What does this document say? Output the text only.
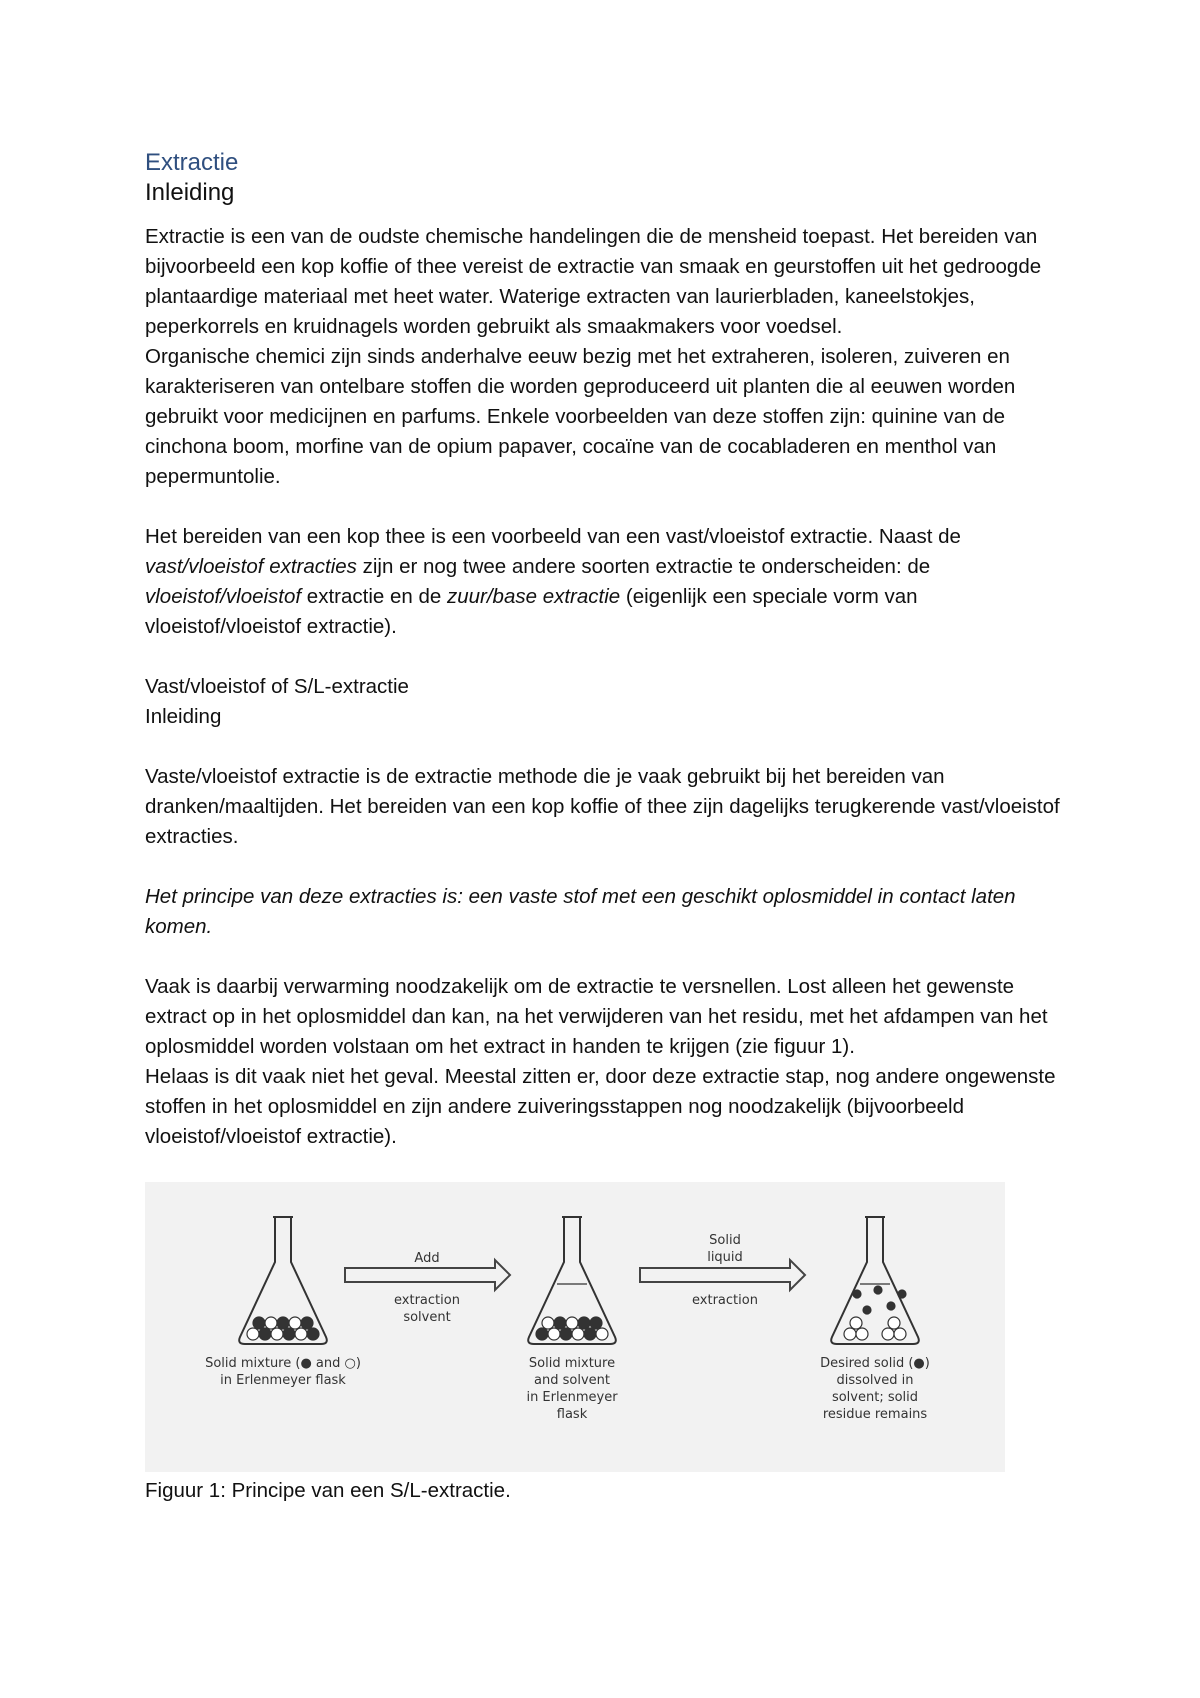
Extractie
Inleiding

Extractie is een van de oudste chemische handelingen die de mensheid toepast. Het bereiden van bijvoorbeeld een kop koffie of thee vereist de extractie van smaak en geurstoffen uit het gedroogde plantaardige materiaal met heet water. Waterige extracten van laurierbladen, kaneelstokjes, peperkorrels en kruidnagels worden gebruikt als smaakmakers voor voedsel.

Organische chemici zijn sinds anderhalve eeuw bezig met het extraheren, isoleren, zuiveren en karakteriseren van ontelbare stoffen die worden geproduceerd uit planten die al eeuwen worden gebruikt voor medicijnen en parfums. Enkele voorbeelden van deze stoffen zijn: quinine van de cinchona boom, morfine van de opium papaver, cocaïne van de cocabladeren en menthol van pepermuntolie.

Het bereiden van een kop thee is een voorbeeld van een vast/vloeistof extractie. Naast de vast/vloeistof extracties zijn er nog twee andere soorten extractie te onderscheiden: de vloeistof/vloeistof extractie en de zuur/base extractie (eigenlijk een speciale vorm van vloeistof/vloeistof extractie).

Vast/vloeistof of S/L-extractie

Inleiding

Vaste/vloeistof extractie is de extractie methode die je vaak gebruikt bij het bereiden van dranken/maaltijden. Het bereiden van een kop koffie of thee zijn dagelijks terugkerende vast/vloeistof extracties.

Het principe van deze extracties is: een vaste stof met een geschikt oplosmiddel in contact laten komen.

Vaak is daarbij verwarming noodzakelijk om de extractie te versnellen. Lost alleen het gewenste extract op in het oplosmiddel dan kan, na het verwijderen van het residu, met het afdampen van het oplosmiddel worden volstaan om het extract in handen te krijgen (zie figuur 1).

Helaas is dit vaak niet het geval. Meestal zitten er, door deze extractie stap, nog andere ongewenste stoffen in het oplosmiddel en zijn andere zuiveringsstappen nog noodzakelijk (bijvoorbeeld vloeistof/vloeistof extractie).

Solid mixture (● and ○)
in Erlenmeyer flask
Add
extraction
solvent
Solid mixture
and solvent
in Erlenmeyer
flask
Solid
liquid
extraction
Desired solid (●)
dissolved in
solvent; solid
residue remains

Figuur 1: Principe van een S/L-extractie.
